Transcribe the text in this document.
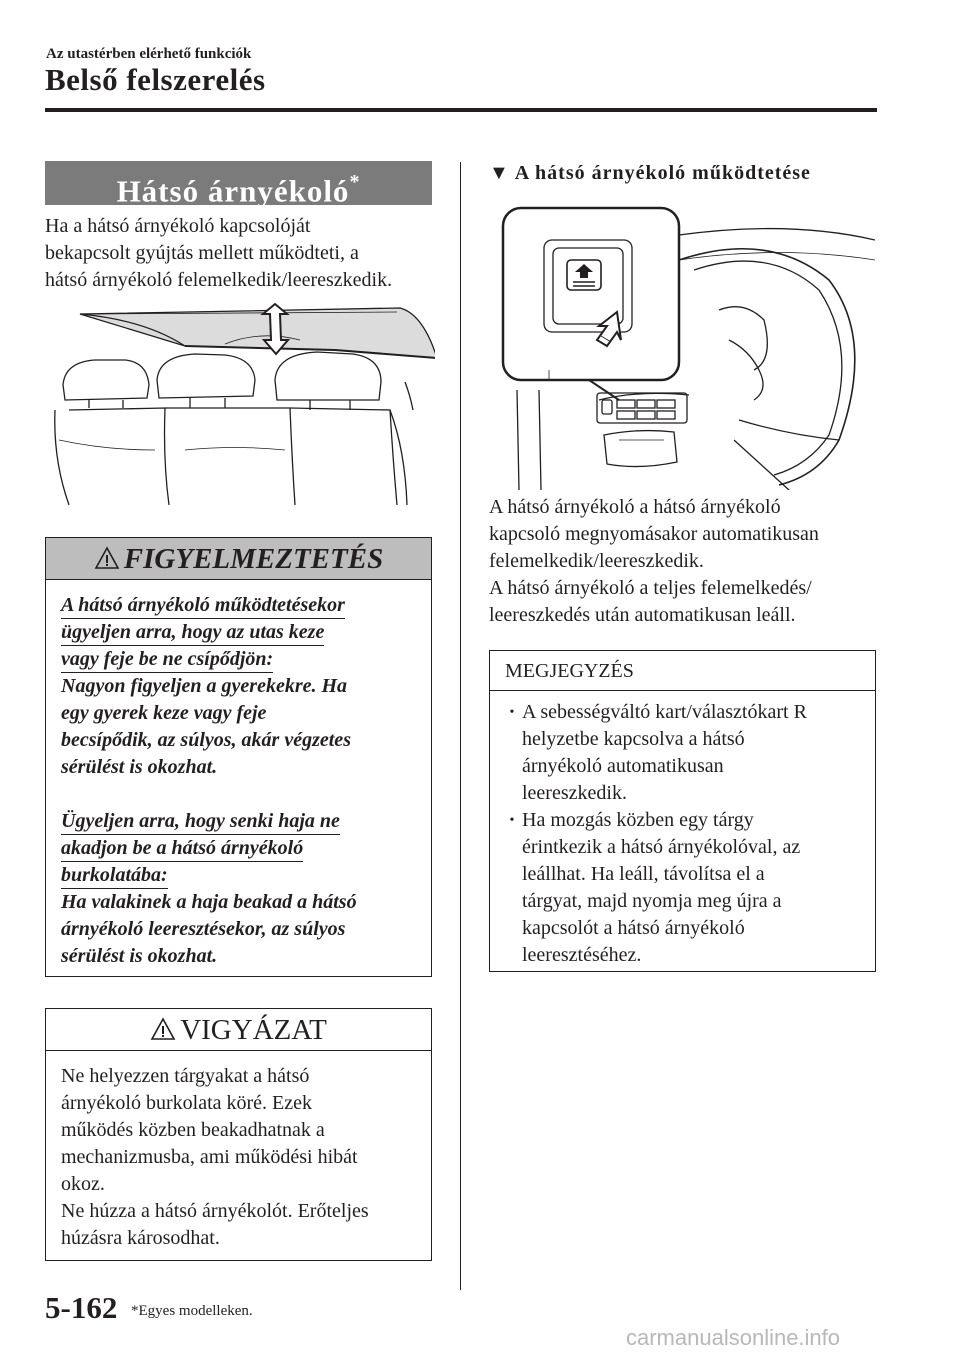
Az utastérben elérhető funkciók
Belső felszerelés
Hátsó árnyékoló*
Ha a hátsó árnyékoló kapcsolóját
bekapcsolt gyújtás mellett működteti, a
hátsó árnyékoló felemelkedik/leereszkedik.
FIGYELMEZTETÉS

A hátsó árnyékoló működtetésekor

ügyeljen arra, hogy az utas keze

vagy feje be ne csípődjön:

Nagyon figyeljen a gyerekekre. Ha

egy gyerek keze vagy feje

becsípődik, az súlyos, akár végzetes

sérülést is okozhat.

Ügyeljen arra, hogy senki haja ne

akadjon be a hátsó árnyékoló

burkolatába:

Ha valakinek a haja beakad a hátsó

árnyékoló leeresztésekor, az súlyos

sérülést is okozhat.

VIGYÁZAT
Ne helyezzen tárgyakat a hátsó
árnyékoló burkolata köré. Ezek
működés közben beakadhatnak a
mechanizmusba, ami működési hibát
okoz.
Ne húzza a hátsó árnyékolót. Erőteljes
húzásra károsodhat.
▼ A hátsó árnyékoló működtetése
A hátsó árnyékoló a hátsó árnyékoló
kapcsoló megnyomásakor automatikusan
felemelkedik/leereszkedik.
A hátsó árnyékoló a teljes felemelkedés/
leereszkedés után automatikusan leáll.
MEGJEGYZÉS
• A sebességváltó kart/választókart R
helyzetbe kapcsolva a hátsó
árnyékoló automatikusan
leereszkedik.
• Ha mozgás közben egy tárgy
érintkezik a hátsó árnyékolóval, az
leállhat. Ha leáll, távolítsa el a
tárgyat, majd nyomja meg újra a
kapcsolót a hátsó árnyékoló
leeresztéséhez.
5-162 *Egyes modelleken.
carmanualsonline.info
